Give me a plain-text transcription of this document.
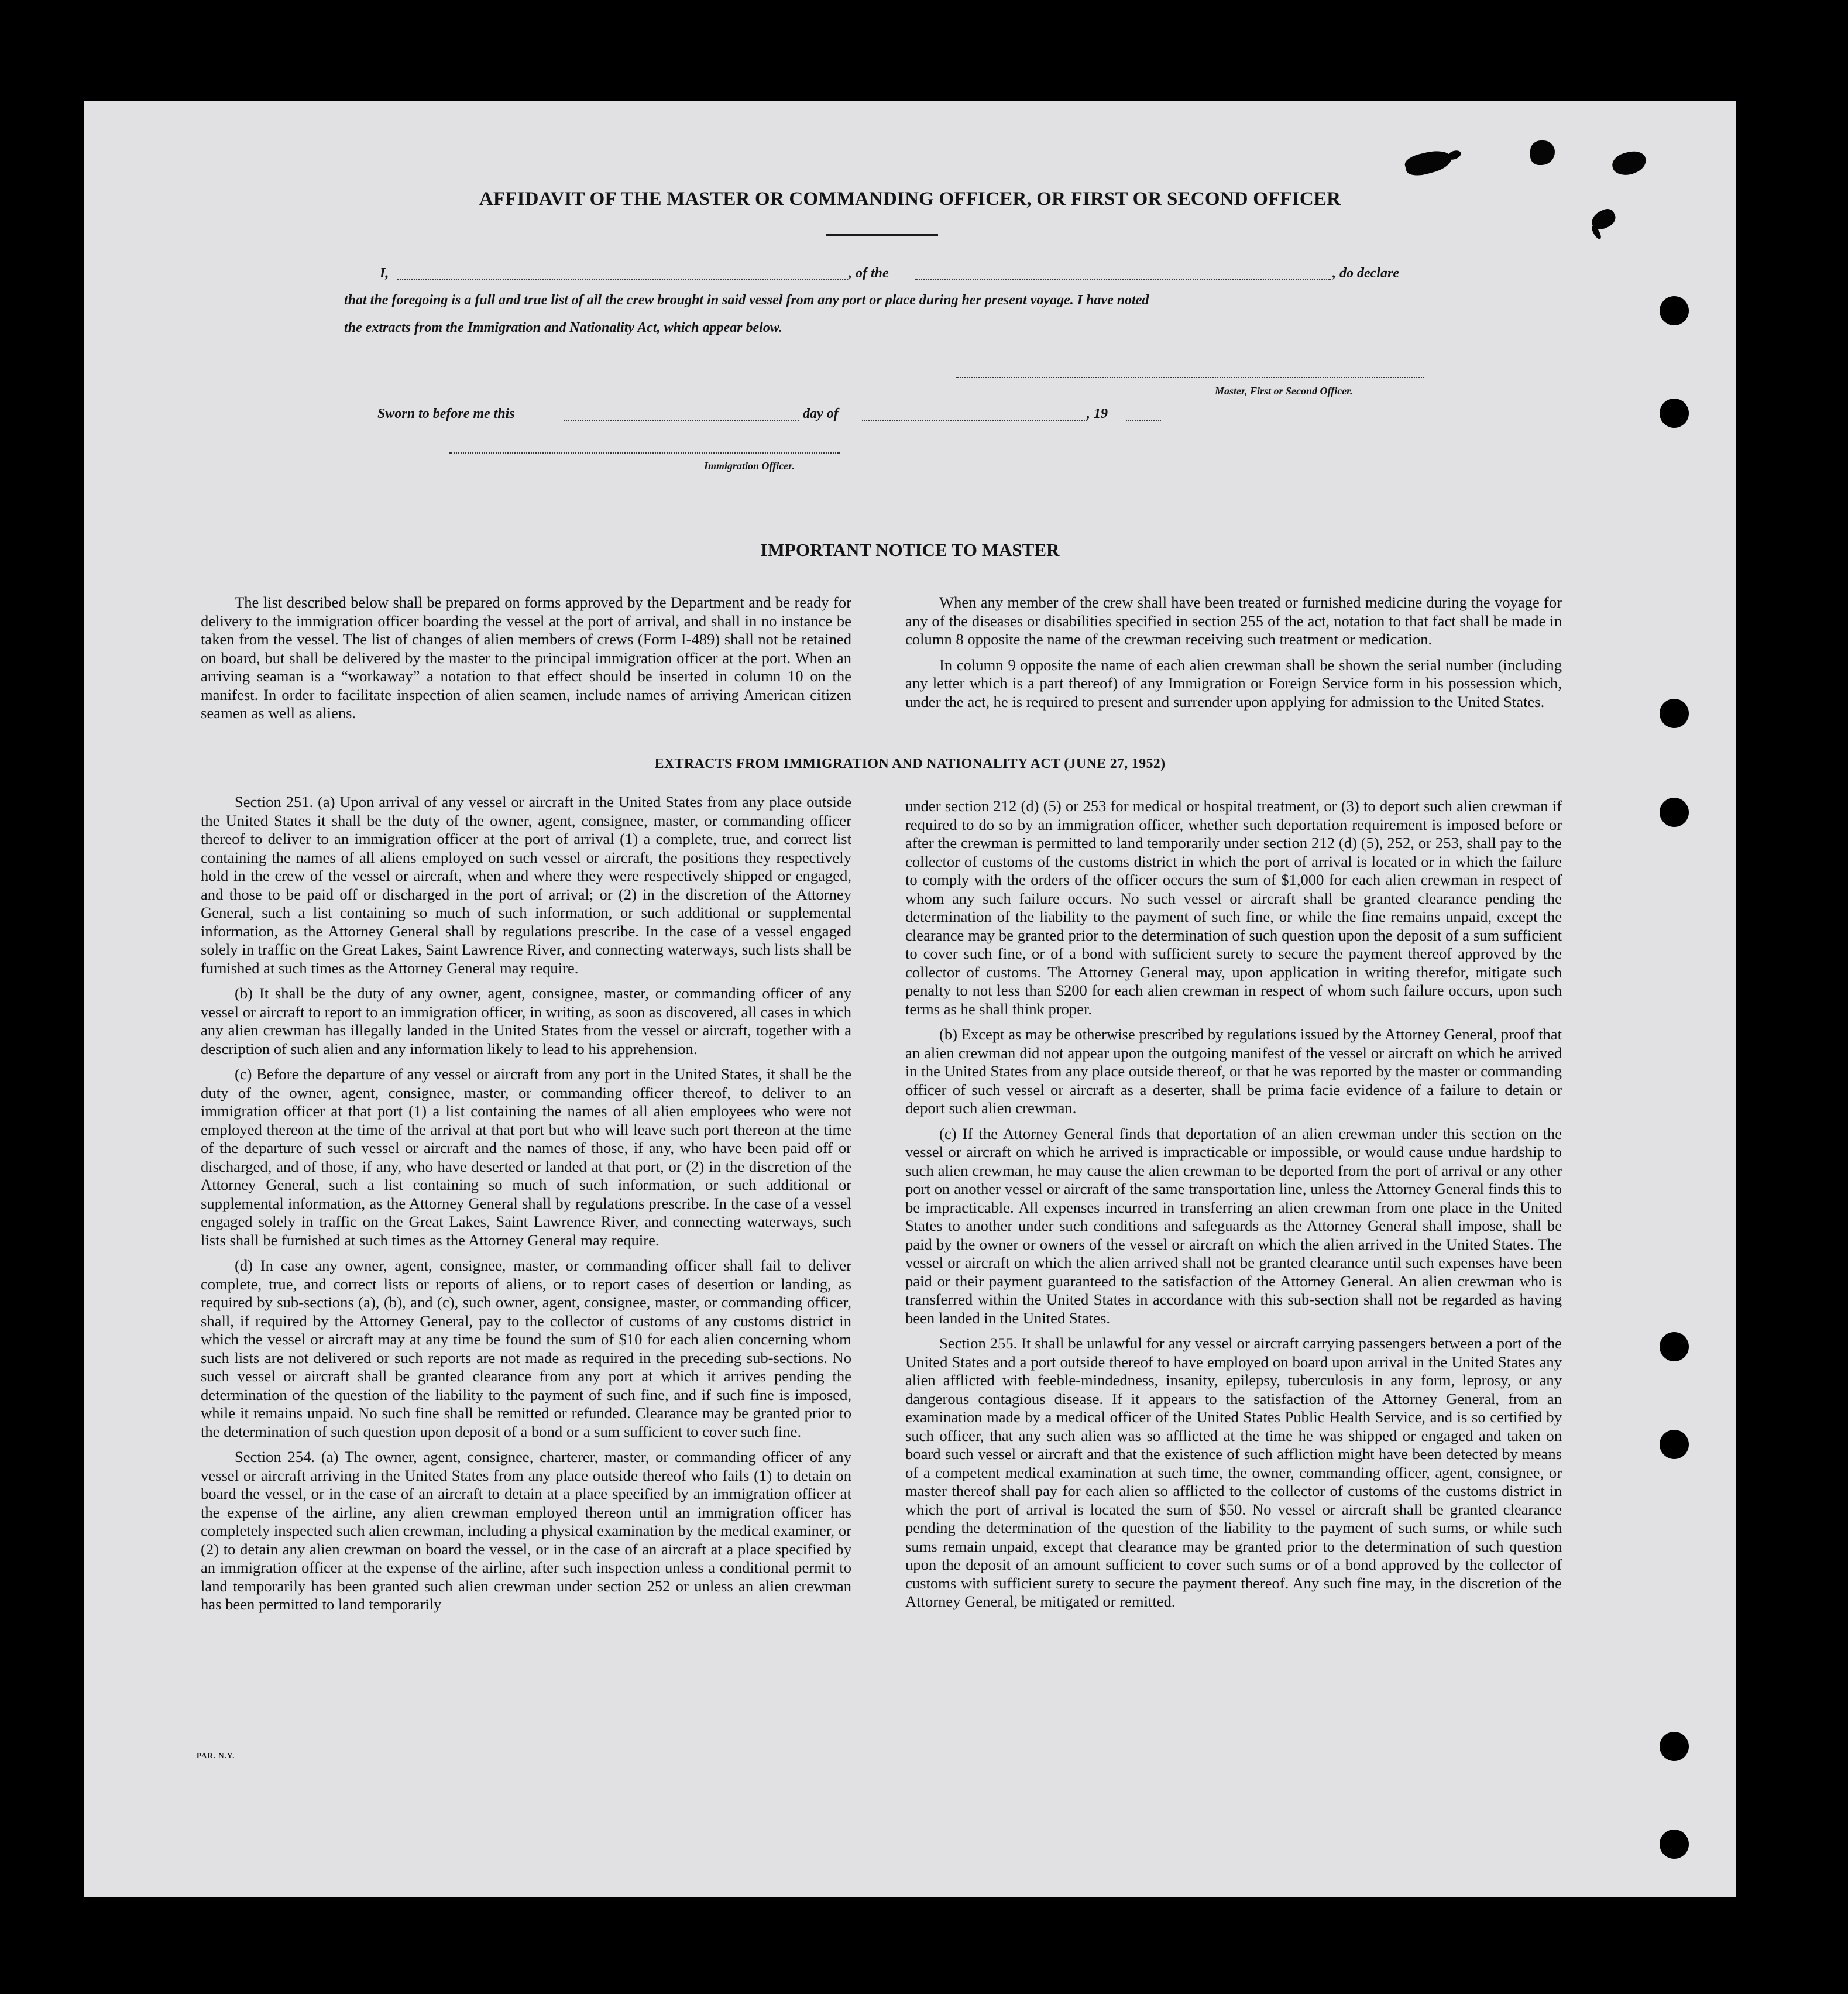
AFFIDAVIT OF THE MASTER OR COMMANDING OFFICER, OR FIRST OR SECOND OFFICER
I,	, of the	, do declare
that the foregoing is a full and true list of all the crew brought in said vessel from any port or place during her present voyage. I have noted
the extracts from the Immigration and Nationality Act, which appear below.
Master, First or Second Officer.
Sworn to before me this	day of	, 19
Immigration Officer.
IMPORTANT NOTICE TO MASTER

The list described below shall be prepared on forms approved by the Department and be ready for delivery to the immigration officer boarding the vessel at the port of arrival, and shall in no instance be taken from the vessel. The list of changes of alien members of crews (Form I-489) shall not be retained on board, but shall be delivered by the master to the principal immigration officer at the port. When an arriving seaman is a “workaway” a notation to that effect should be inserted in column 10 on the manifest. In order to facilitate inspection of alien seamen, include names of arriving American citizen seamen as well as aliens.

When any member of the crew shall have been treated or furnished medicine during the voyage for any of the diseases or disabilities specified in section 255 of the act, notation to that fact shall be made in column 8 opposite the name of the crewman receiving such treatment or medication.

In column 9 opposite the name of each alien crewman shall be shown the serial number (including any letter which is a part thereof) of any Immigration or Foreign Service form in his possession which, under the act, he is required to present and surrender upon applying for admission to the United States.

EXTRACTS FROM IMMIGRATION AND NATIONALITY ACT (JUNE 27, 1952)

Section 251. (a) Upon arrival of any vessel or aircraft in the United States from any place outside the United States it shall be the duty of the owner, agent, consignee, master, or commanding officer thereof to deliver to an immigration officer at the port of arrival (1) a complete, true, and correct list containing the names of all aliens employed on such vessel or aircraft, the positions they respectively hold in the crew of the vessel or aircraft, when and where they were respectively shipped or engaged, and those to be paid off or discharged in the port of arrival; or (2) in the discretion of the Attorney General, such a list containing so much of such information, or such additional or supplemental information, as the Attorney General shall by regulations prescribe. In the case of a vessel engaged solely in traffic on the Great Lakes, Saint Lawrence River, and connecting waterways, such lists shall be furnished at such times as the Attorney General may require.

(b) It shall be the duty of any owner, agent, consignee, master, or commanding officer of any vessel or aircraft to report to an immigration officer, in writing, as soon as discovered, all cases in which any alien crewman has illegally landed in the United States from the vessel or aircraft, together with a description of such alien and any information likely to lead to his apprehension.

(c) Before the departure of any vessel or aircraft from any port in the United States, it shall be the duty of the owner, agent, consignee, master, or commanding officer thereof, to deliver to an immigration officer at that port (1) a list containing the names of all alien employees who were not employed thereon at the time of the arrival at that port but who will leave such port thereon at the time of the departure of such vessel or aircraft and the names of those, if any, who have been paid off or discharged, and of those, if any, who have deserted or landed at that port, or (2) in the discretion of the Attorney General, such a list containing so much of such information, or such additional or supplemental information, as the Attorney General shall by regulations prescribe. In the case of a vessel engaged solely in traffic on the Great Lakes, Saint Lawrence River, and connecting waterways, such lists shall be furnished at such times as the Attorney General may require.

(d) In case any owner, agent, consignee, master, or commanding officer shall fail to deliver complete, true, and correct lists or reports of aliens, or to report cases of desertion or landing, as required by sub-sections (a), (b), and (c), such owner, agent, consignee, master, or commanding officer, shall, if required by the Attorney General, pay to the collector of customs of any customs district in which the vessel or aircraft may at any time be found the sum of $10 for each alien concerning whom such lists are not delivered or such reports are not made as required in the preceding sub-sections. No such vessel or aircraft shall be granted clearance from any port at which it arrives pending the determination of the question of the liability to the payment of such fine, and if such fine is imposed, while it remains unpaid. No such fine shall be remitted or refunded. Clearance may be granted prior to the determination of such question upon deposit of a bond or a sum sufficient to cover such fine.

Section 254. (a) The owner, agent, consignee, charterer, master, or commanding officer of any vessel or aircraft arriving in the United States from any place outside thereof who fails (1) to detain on board the vessel, or in the case of an aircraft to detain at a place specified by an immigration officer at the expense of the airline, any alien crewman employed thereon until an immigration officer has completely inspected such alien crewman, including a physical examination by the medical examiner, or (2) to detain any alien crewman on board the vessel, or in the case of an aircraft at a place specified by an immigration officer at the expense of the airline, after such inspection unless a conditional permit to land temporarily has been granted such alien crewman under section 252 or unless an alien crewman has been permitted to land temporarily

under section 212 (d) (5) or 253 for medical or hospital treatment, or (3) to deport such alien crewman if required to do so by an immigration officer, whether such deportation requirement is imposed before or after the crewman is permitted to land temporarily under section 212 (d) (5), 252, or 253, shall pay to the collector of customs of the customs district in which the port of arrival is located or in which the failure to comply with the orders of the officer occurs the sum of $1,000 for each alien crewman in respect of whom any such failure occurs. No such vessel or aircraft shall be granted clearance pending the determination of the liability to the payment of such fine, or while the fine remains unpaid, except the clearance may be granted prior to the determination of such question upon the deposit of a sum sufficient to cover such fine, or of a bond with sufficient surety to secure the payment thereof approved by the collector of customs. The Attorney General may, upon application in writing therefor, mitigate such penalty to not less than $200 for each alien crewman in respect of whom such failure occurs, upon such terms as he shall think proper.

(b) Except as may be otherwise prescribed by regulations issued by the Attorney General, proof that an alien crewman did not appear upon the outgoing manifest of the vessel or aircraft on which he arrived in the United States from any place outside thereof, or that he was reported by the master or commanding officer of such vessel or aircraft as a deserter, shall be prima facie evidence of a failure to detain or deport such alien crewman.

(c) If the Attorney General finds that deportation of an alien crewman under this section on the vessel or aircraft on which he arrived is impracticable or impossible, or would cause undue hardship to such alien crewman, he may cause the alien crewman to be deported from the port of arrival or any other port on another vessel or aircraft of the same transportation line, unless the Attorney General finds this to be impracticable. All expenses incurred in transferring an alien crewman from one place in the United States to another under such conditions and safeguards as the Attorney General shall impose, shall be paid by the owner or owners of the vessel or aircraft on which the alien arrived in the United States. The vessel or aircraft on which the alien arrived shall not be granted clearance until such expenses have been paid or their payment guaranteed to the satisfaction of the Attorney General. An alien crewman who is transferred within the United States in accordance with this sub-section shall not be regarded as having been landed in the United States.

Section 255. It shall be unlawful for any vessel or aircraft carrying passengers between a port of the United States and a port outside thereof to have employed on board upon arrival in the United States any alien afflicted with feeble-mindedness, insanity, epilepsy, tuberculosis in any form, leprosy, or any dangerous contagious disease. If it appears to the satisfaction of the Attorney General, from an examination made by a medical officer of the United States Public Health Service, and is so certified by such officer, that any such alien was so afflicted at the time he was shipped or engaged and taken on board such vessel or aircraft and that the existence of such affliction might have been detected by means of a competent medical examination at such time, the owner, commanding officer, agent, consignee, or master thereof shall pay for each alien so afflicted to the collector of customs of the customs district in which the port of arrival is located the sum of $50. No vessel or aircraft shall be granted clearance pending the determination of the question of the liability to the payment of such sums, or while such sums remain unpaid, except that clearance may be granted prior to the determination of such question upon the deposit of an amount sufficient to cover such sums or of a bond approved by the collector of customs with sufficient surety to secure the payment thereof. Any such fine may, in the discretion of the Attorney General, be mitigated or remitted.

PAR. N.Y.
